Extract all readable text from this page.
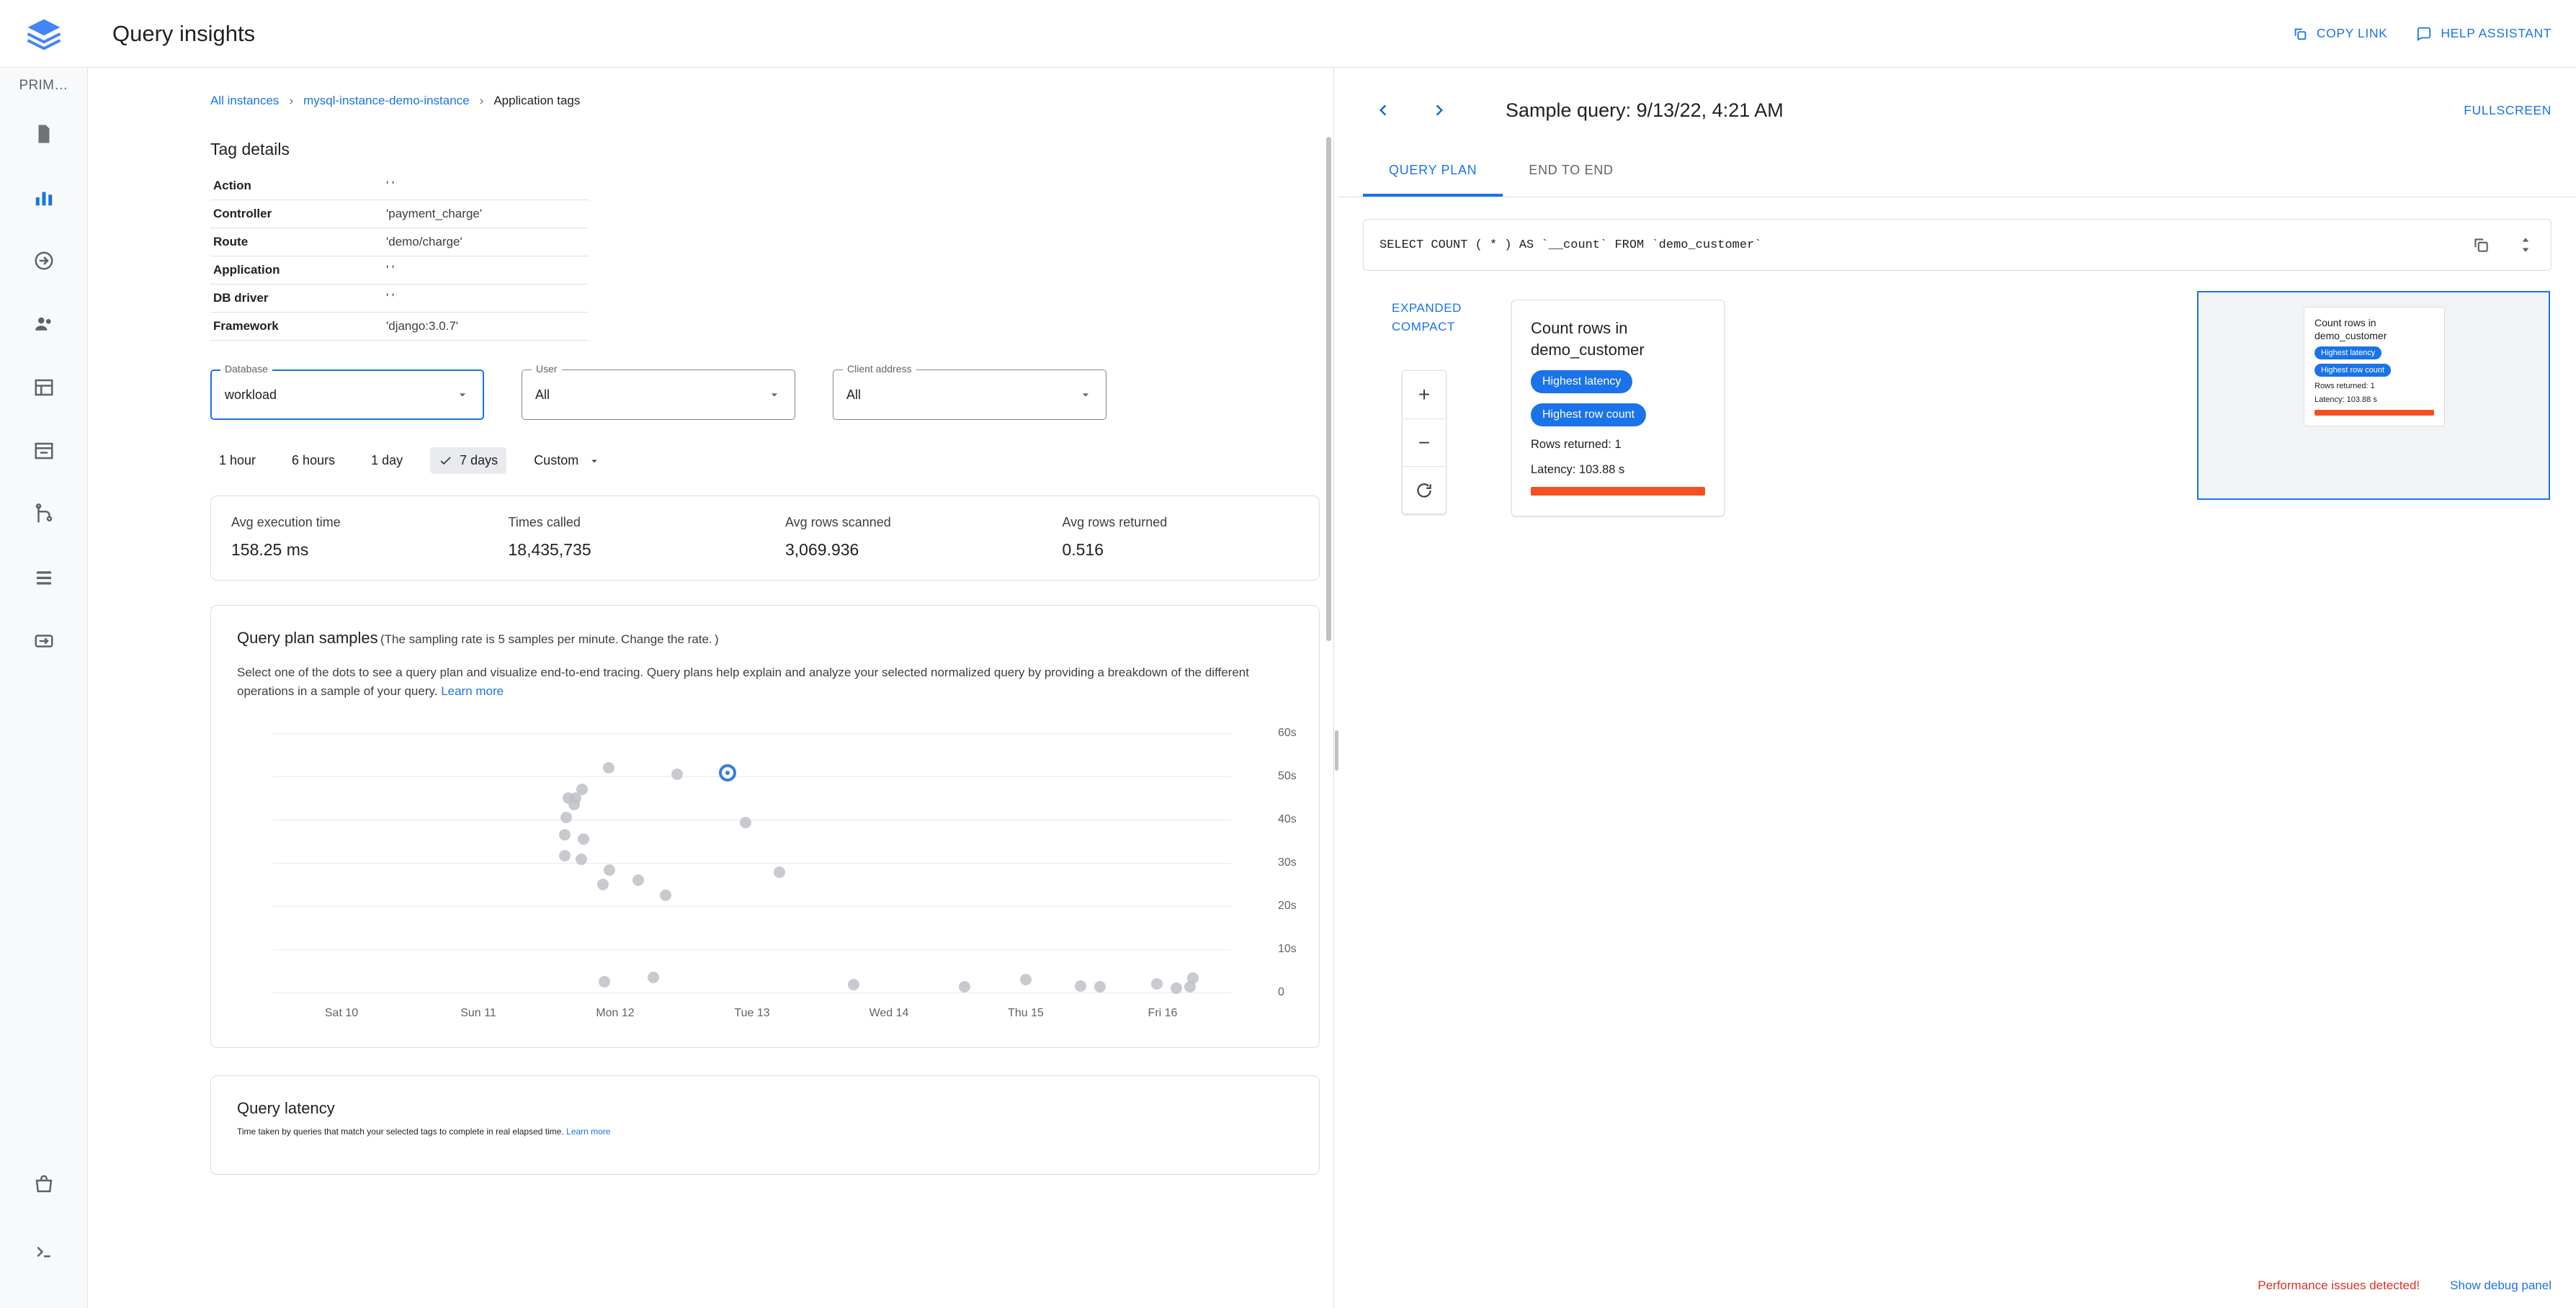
PRIM…
Query insights	COPY LINK	HELP ASSISTANT
All instances › mysql-instance-demo-instance › Application tags
Tag details
Action	' '
Controller	'payment_charge'
Route	'demo/charge'
Application	' '
DB driver	' '
Framework	'django:3.0.7'
Database
workload
User
All
Client address
All
1 hour	6 hours	1 day	7 days	Custom
Avg execution time
158.25 ms
Times called
18,435,735
Avg rows scanned
3,069.936
Avg rows returned
0.516
Query plan samples (The sampling rate is 5 samples per minute. Change the rate. )

Select one of the dots to see a query plan and visualize end-to-end tracing. Query plans help explain and analyze your selected normalized query by providing a breakdown of the different operations in a sample of your query. Learn more

60s
50s
40s
30s
20s
10s
0
Sat 10	Sun 11	Mon 12	Tue 13	Wed 14	Thu 15	Fri 16
Query latency

Time taken by queries that match your selected tags to complete in real elapsed time. Learn more

Sample query: 9/13/22, 4:21 AM	FULLSCREEN
QUERY PLAN	END TO END
SELECT COUNT ( * ) AS `__count` FROM `demo_customer`
EXPANDED
COMPACT
+
−
Count rows in demo_customer
Highest latency
Highest row count
Rows returned: 1
Latency: 103.88 s
Count rows in demo_customer
Highest latency
Highest row count
Rows returned: 1
Latency: 103.88 s
Performance issues detected! Show debug panel
